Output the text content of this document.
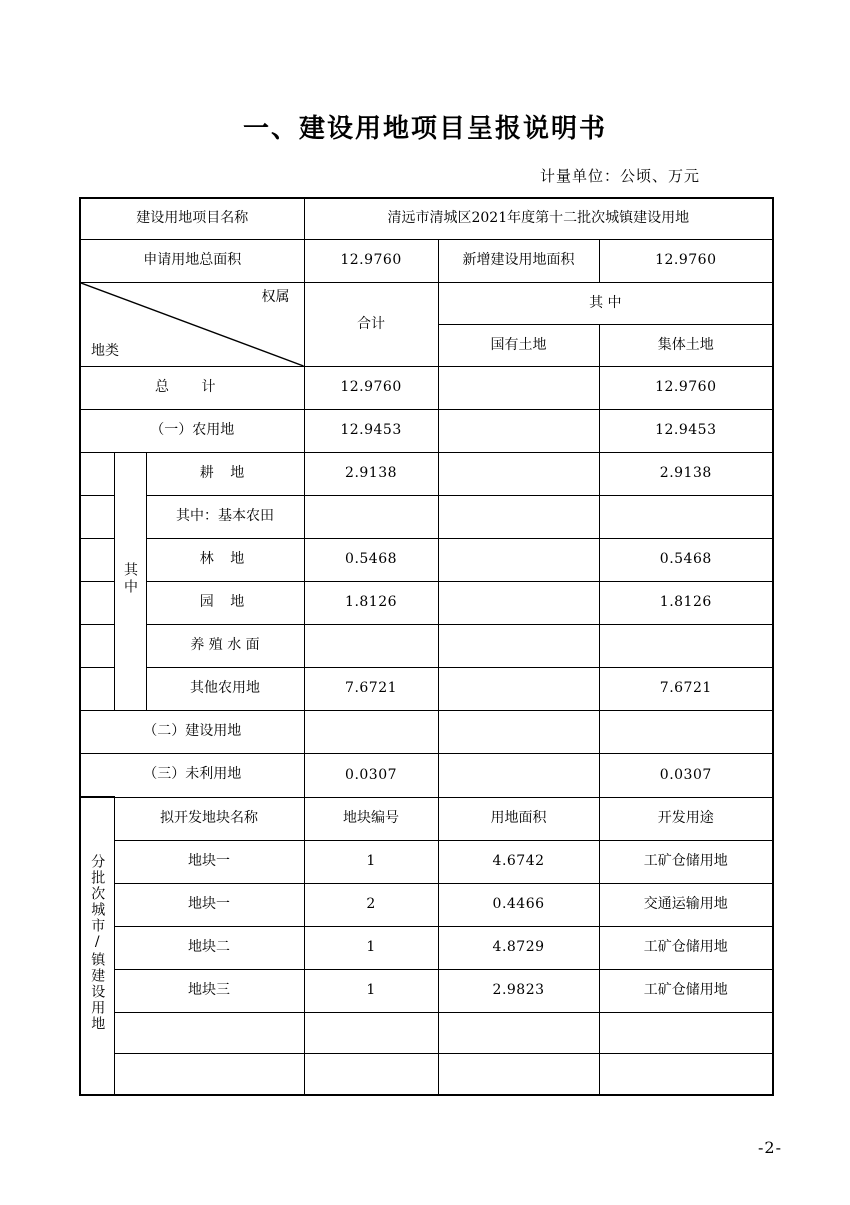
一、建设用地项目呈报说明书
计量单位：公顷、万元
建设用地项目名称			清远市清城区2021年度第十二批次城镇建设用地		
申请用地总面积			12.9760	新增建设用地面积	12.9760

权属
地类			合计	其 中	
				国有土地	集体土地
总 计			12.9760		12.9760
（一）农用地			12.9453		12.9453
	其中	耕 地	2.9138		2.9138
		其中：基本农田			
		林 地	0.5468		0.5468
		园 地	1.8126		1.8126
		养 殖 水 面			
		其他农用地	7.6721		7.6721
（二）建设用地					
（三）未利用地			0.0307		0.0307
分批次城市/镇建设用地	拟开发地块名称		地块编号	用地面积	开发用途
	地块一		1	4.6742	工矿仓储用地
	地块一		2	0.4466	交通运输用地
	地块二		1	4.8729	工矿仓储用地
	地块三		1	2.9823	工矿仓储用地

-2-
